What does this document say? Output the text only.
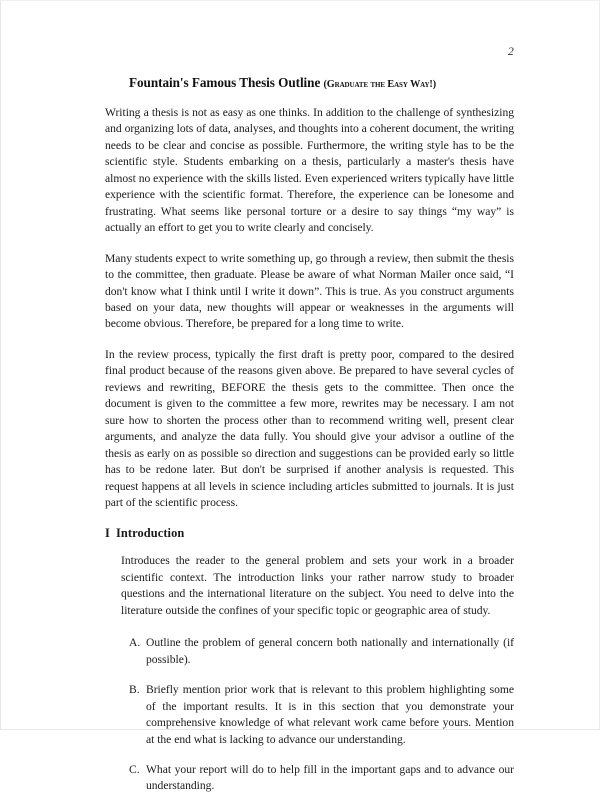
2
Fountain's Famous Thesis Outline (Graduate the Easy Way!)

Writing a thesis is not as easy as one thinks. In addition to the challenge of synthesizing and organizing lots of data, analyses, and thoughts into a coherent document, the writing needs to be clear and concise as possible. Furthermore, the writing style has to be the scientific style. Students embarking on a thesis, particularly a master's thesis have almost no experience with the skills listed. Even experienced writers typically have little experience with the scientific format. Therefore, the experience can be lonesome and frustrating. What seems like personal torture or a desire to say things “my way” is actually an effort to get you to write clearly and concisely.

Many students expect to write something up, go through a review, then submit the thesis to the committee, then graduate. Please be aware of what Norman Mailer once said, “I don't know what I think until I write it down”. This is true. As you construct arguments based on your data, new thoughts will appear or weaknesses in the arguments will become obvious. Therefore, be prepared for a long time to write.

In the review process, typically the first draft is pretty poor, compared to the desired final product because of the reasons given above. Be prepared to have several cycles of reviews and rewriting, BEFORE the thesis gets to the committee. Then once the document is given to the committee a few more, rewrites may be necessary. I am not sure how to shorten the process other than to recommend writing well, present clear arguments, and analyze the data fully. You should give your advisor a outline of the thesis as early on as possible so direction and suggestions can be provided early so little has to be redone later. But don't be surprised if another analysis is requested. This request happens at all levels in science including articles submitted to journals. It is just part of the scientific process.

I Introduction

Introduces the reader to the general problem and sets your work in a broader scientific context. The introduction links your rather narrow study to broader questions and the international literature on the subject. You need to delve into the literature outside the confines of your specific topic or geographic area of study.

A. Outline the problem of general concern both nationally and internationally (if possible).
B. Briefly mention prior work that is relevant to this problem highlighting some of the important results. It is in this section that you demonstrate your comprehensive knowledge of what relevant work came before yours. Mention at the end what is lacking to advance our understanding.
C. What your report will do to help fill in the important gaps and to advance our understanding.
